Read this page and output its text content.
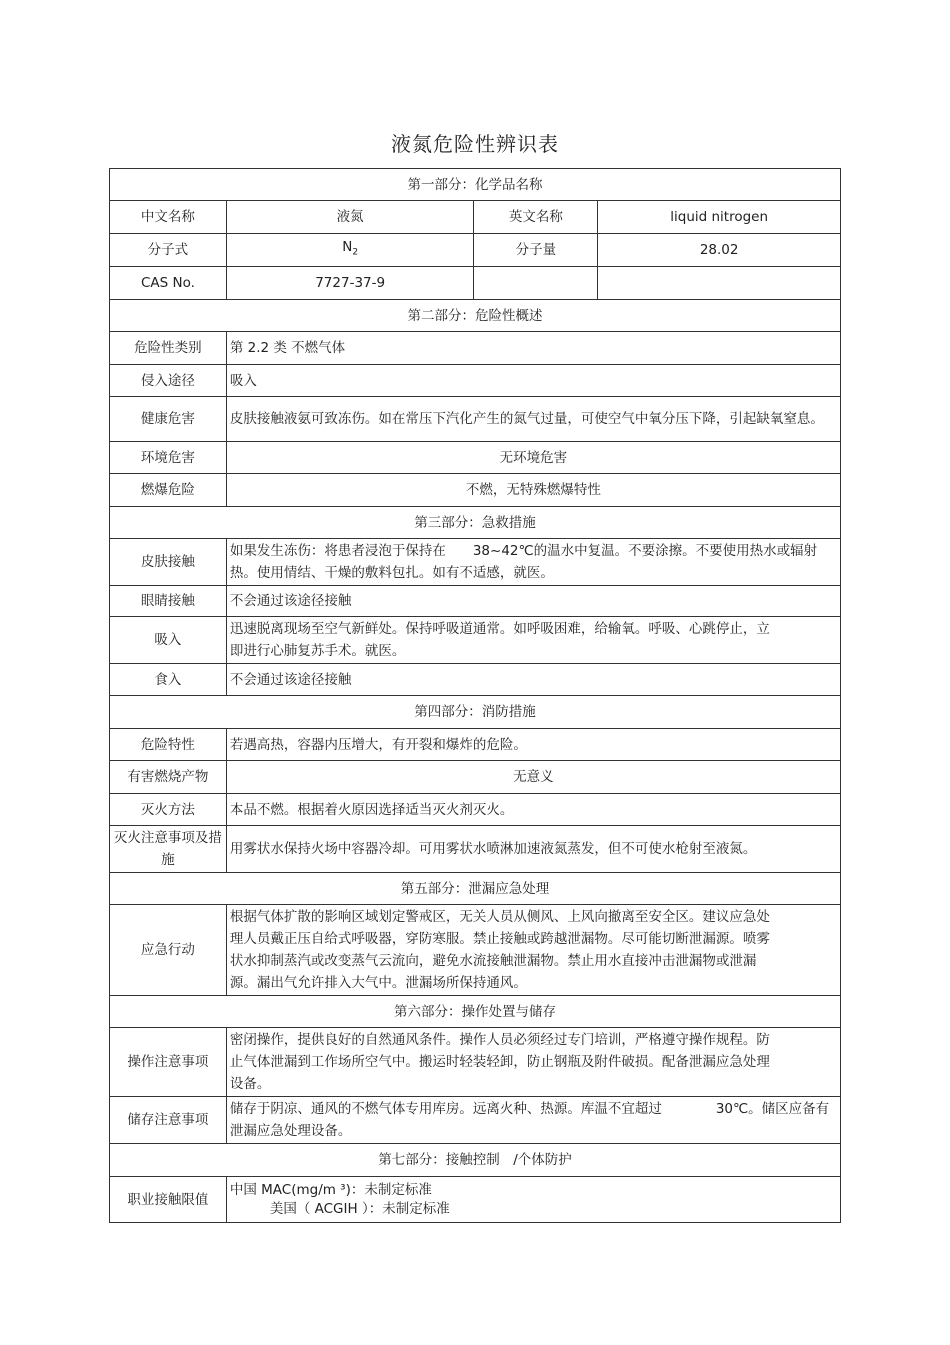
液氮危险性辨识表
第一部分：化学品名称			
中文名称	液氮	英文名称	liquid nitrogen
分子式	$N_2$	分子量	28.02
CAS No.	7727-37-9		
第二部分：危险性概述			
危险性类别	第 2.2 类 不燃气体		
侵入途径	吸入		
健康危害	皮肤接触液氨可致冻伤。如在常压下汽化产生的氮气过量，可使空气中氧分压下降，引起缺氧窒息。		
环境危害	无环境危害		
燃爆危险	不燃，无特殊燃爆特性		
第三部分：急救措施			
皮肤接触	如果发生冻伤：将患者浸泡于保持在　　38~42℃的温水中复温。不要涂擦。不要使用热水或辐射热。使用情结、干燥的敷料包扎。如有不适感，就医。		
眼睛接触	不会通过该途径接触		
吸入	迅速脱离现场至空气新鲜处。保持呼吸道通常。如呼吸困难，给输氧。呼吸、心跳停止，立即进行心肺复苏手术。就医。		
食入	不会通过该途径接触		
第四部分：消防措施			
危险特性	若遇高热，容器内压增大，有开裂和爆炸的危险。		
有害燃烧产物	无意义		
灭火方法	本品不燃。根据着火原因选择适当灭火剂灭火。		
灭火注意事项及措施	用雾状水保持火场中容器冷却。可用雾状水喷淋加速液氮蒸发，但不可使水枪射至液氮。		
第五部分：泄漏应急处理			
应急行动	根据气体扩散的影响区域划定警戒区，无关人员从侧风、上风向撤离至安全区。建议应急处理人员戴正压自给式呼吸器，穿防寒服。禁止接触或跨越泄漏物。尽可能切断泄漏源。喷雾状水抑制蒸汽或改变蒸气云流向，避免水流接触泄漏物。禁止用水直接冲击泄漏物或泄漏源。漏出气允许排入大气中。泄漏场所保持通风。		
第六部分：操作处置与储存			
操作注意事项	密闭操作，提供良好的自然通风条件。操作人员必须经过专门培训，严格遵守操作规程。防止气体泄漏到工作场所空气中。搬运时轻装轻卸，防止钢瓶及附件破损。配备泄漏应急处理设备。		
储存注意事项	储存于阴凉、通风的不燃气体专用库房。远离火种、热源。库温不宜超过　　　　30℃。储区应备有泄漏应急处理设备。		
第七部分：接触控制　/个体防护			
职业接触限值	中国 MAC(mg/m ³)：未制定标准
美国（ ACGIH ）：未制定标准		
